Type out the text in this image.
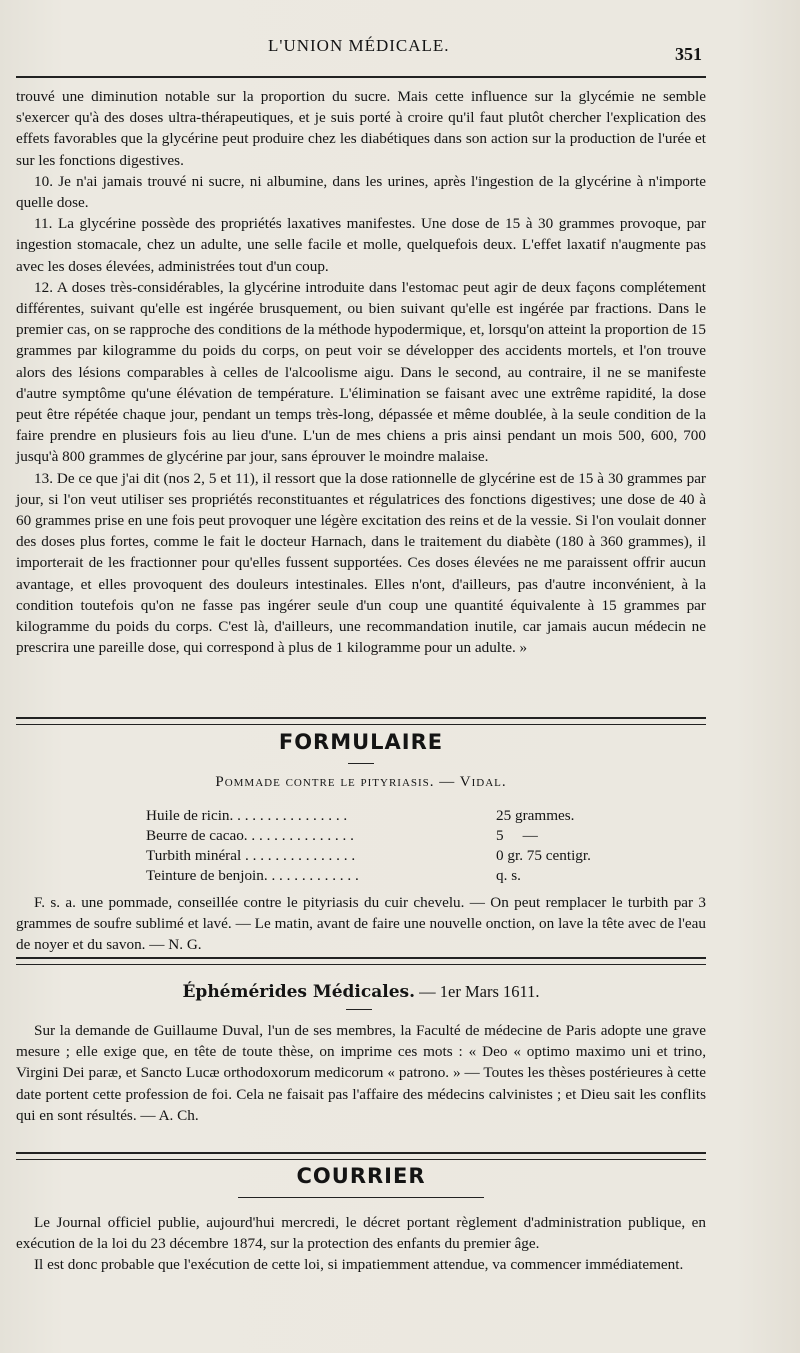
L'UNION MÉDICALE.	351

trouvé une diminution notable sur la proportion du sucre. Mais cette influence sur la glycémie ne semble s'exercer qu'à des doses ultra-thérapeutiques, et je suis porté à croire qu'il faut plutôt chercher l'explication des effets favorables que la glycérine peut produire chez les diabétiques dans son action sur la production de l'urée et sur les fonctions digestives.

10. Je n'ai jamais trouvé ni sucre, ni albumine, dans les urines, après l'ingestion de la glycérine à n'importe quelle dose.

11. La glycérine possède des propriétés laxatives manifestes. Une dose de 15 à 30 grammes provoque, par ingestion stomacale, chez un adulte, une selle facile et molle, quelquefois deux. L'effet laxatif n'augmente pas avec les doses élevées, administrées tout d'un coup.

12. A doses très-considérables, la glycérine introduite dans l'estomac peut agir de deux façons complétement différentes, suivant qu'elle est ingérée brusquement, ou bien suivant qu'elle est ingérée par fractions. Dans le premier cas, on se rapproche des conditions de la méthode hypodermique, et, lorsqu'on atteint la proportion de 15 grammes par kilogramme du poids du corps, on peut voir se développer des accidents mortels, et l'on trouve alors des lésions comparables à celles de l'alcoolisme aigu. Dans le second, au contraire, il ne se manifeste d'autre symptôme qu'une élévation de température. L'élimination se faisant avec une extrême rapidité, la dose peut être répétée chaque jour, pendant un temps très-long, dépassée et même doublée, à la seule condition de la faire prendre en plusieurs fois au lieu d'une. L'un de mes chiens a pris ainsi pendant un mois 500, 600, 700 jusqu'à 800 grammes de glycérine par jour, sans éprouver le moindre malaise.

13. De ce que j'ai dit (nos 2, 5 et 11), il ressort que la dose rationnelle de glycérine est de 15 à 30 grammes par jour, si l'on veut utiliser ses propriétés reconstituantes et régulatrices des fonctions digestives; une dose de 40 à 60 grammes prise en une fois peut provoquer une légère excitation des reins et de la vessie. Si l'on voulait donner des doses plus fortes, comme le fait le docteur Harnach, dans le traitement du diabète (180 à 360 grammes), il importerait de les fractionner pour qu'elles fussent supportées. Ces doses élevées ne me paraissent offrir aucun avantage, et elles provoquent des douleurs intestinales. Elles n'ont, d'ailleurs, pas d'autre inconvénient, à la condition toutefois qu'on ne fasse pas ingérer seule d'un coup une quantité équivalente à 15 grammes par kilogramme du poids du corps. C'est là, d'ailleurs, une recommandation inutile, car jamais aucun médecin ne prescrira une pareille dose, qui correspond à plus de 1 kilogramme pour un adulte. »

FORMULAIRE
Pommade contre le pityriasis. — Vidal.
Huile de ricin. . . . . . . . . . . . . . . .	25 grammes.
Beurre de cacao. . . . . . . . . . . . . . .	5     —
Turbith minéral . . . . . . . . . . . . . . .	0 gr. 75 centigr.
Teinture de benjoin. . . . . . . . . . . . .	q. s.

F. s. a. une pommade, conseillée contre le pityriasis du cuir chevelu. — On peut remplacer le turbith par 3 grammes de soufre sublimé et lavé. — Le matin, avant de faire une nouvelle onction, on lave la tête avec de l'eau de noyer et du savon. — N. G.

Éphémérides Médicales. — 1er Mars 1611.

Sur la demande de Guillaume Duval, l'un de ses membres, la Faculté de médecine de Paris adopte une grave mesure ; elle exige que, en tête de toute thèse, on imprime ces mots : « Deo « optimo maximo uni et trino, Virgini Dei paræ, et Sancto Lucæ orthodoxorum medicorum « patrono. » — Toutes les thèses postérieures à cette date portent cette profession de foi. Cela ne faisait pas l'affaire des médecins calvinistes ; et Dieu sait les conflits qui en sont résultés. — A. Ch.

COURRIER

Le Journal officiel publie, aujourd'hui mercredi, le décret portant règlement d'administration publique, en exécution de la loi du 23 décembre 1874, sur la protection des enfants du premier âge.

Il est donc probable que l'exécution de cette loi, si impatiemment attendue, va commencer immédiatement.
